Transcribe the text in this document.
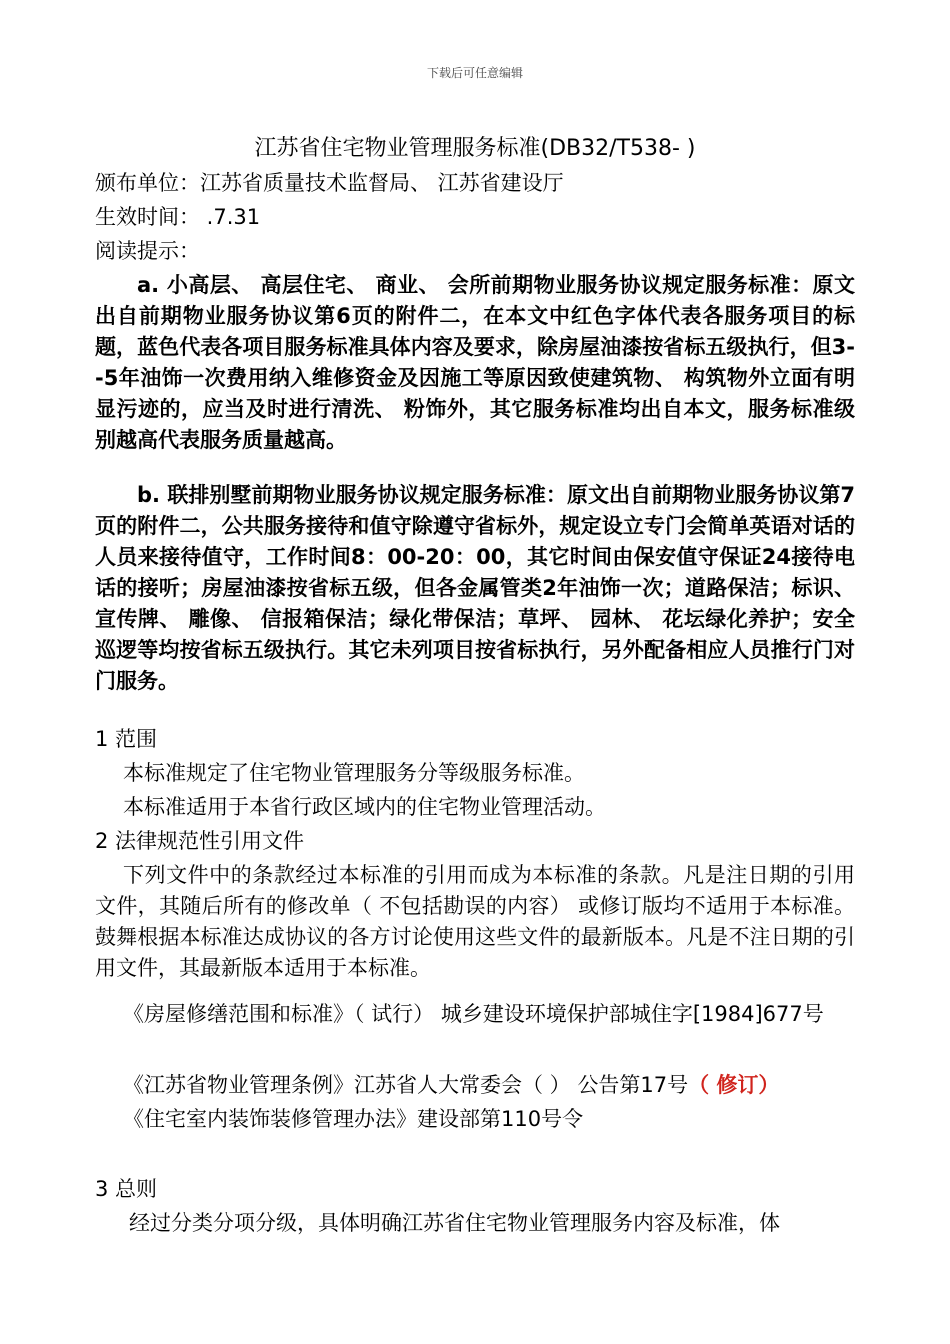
下载后可任意编辑
江苏省住宅物业管理服务标准(DB32/T538- )
颁布单位：江苏省质量技术监督局、 江苏省建设厅
生效时间： .7.31
阅读提示：
a. 小高层、 高层住宅、 商业、 会所前期物业服务协议规定服务标准：原文出自前期物业服务协议第6页的附件二，在本文中红色字体代表各服务项目的标题，蓝色代表各项目服务标准具体内容及要求，除房屋油漆按省标五级执行，但3--5年油饰一次费用纳入维修资金及因施工等原因致使建筑物、 构筑物外立面有明显污迹的，应当及时进行清洗、 粉饰外，其它服务标准均出自本文，服务标准级别越高代表服务质量越高。
b. 联排别墅前期物业服务协议规定服务标准：原文出自前期物业服务协议第7页的附件二，公共服务接待和值守除遵守省标外，规定设立专门会简单英语对话的人员来接待值守，工作时间8：00-20：00，其它时间由保安值守保证24接待电话的接听；房屋油漆按省标五级，但各金属管类2年油饰一次；道路保洁；标识、 宣传牌、 雕像、 信报箱保洁；绿化带保洁；草坪、 园林、 花坛绿化养护；安全巡逻等均按省标五级执行。其它未列项目按省标执行，另外配备相应人员推行门对门服务。
1 范围
本标准规定了住宅物业管理服务分等级服务标准。
本标准适用于本省行政区域内的住宅物业管理活动。
2 法律规范性引用文件
下列文件中的条款经过本标准的引用而成为本标准的条款。凡是注日期的引用文件，其随后所有的修改单（ 不包括勘误的内容） 或修订版均不适用于本标准。鼓舞根据本标准达成协议的各方讨论使用这些文件的最新版本。凡是不注日期的引用文件，其最新版本适用于本标准。
《房屋修缮范围和标准》（ 试行） 城乡建设环境保护部城住字[1984]677号
《江苏省物业管理条例》江苏省人大常委会（ ） 公告第17号（ 修订）
《住宅室内装饰装修管理办法》建设部第110号令
3 总则
经过分类分项分级，具体明确江苏省住宅物业管理服务内容及标准，体
